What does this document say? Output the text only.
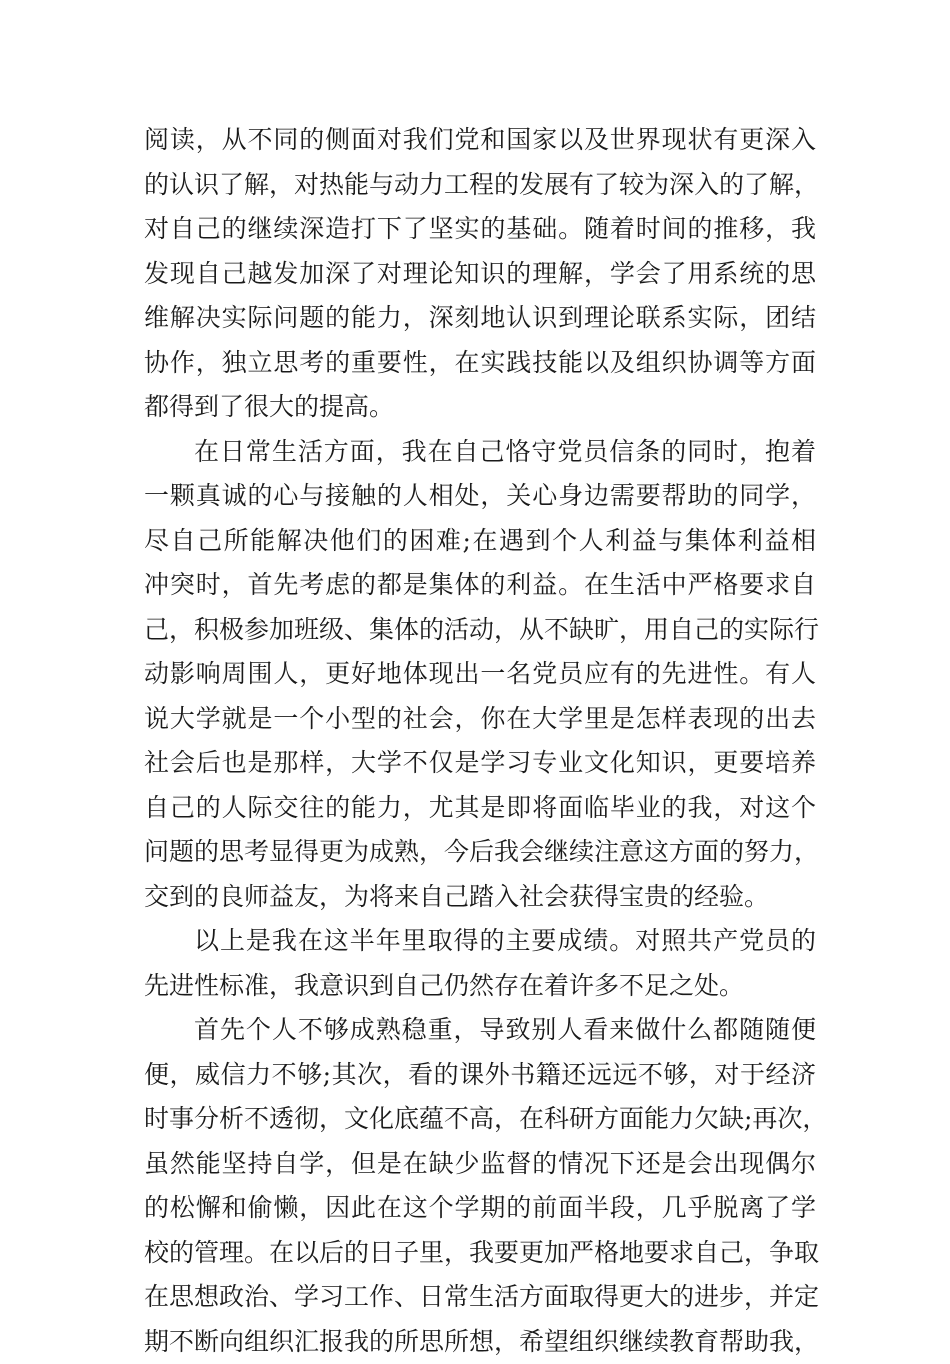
阅读，从不同的侧面对我们党和国家以及世界现状有更深入
的认识了解，对热能与动力工程的发展有了较为深入的了解，
对自己的继续深造打下了坚实的基础。随着时间的推移，我
发现自己越发加深了对理论知识的理解，学会了用系统的思
维解决实际问题的能力，深刻地认识到理论联系实际，团结
协作，独立思考的重要性，在实践技能以及组织协调等方面
都得到了很大的提高。
在日常生活方面，我在自己恪守党员信条的同时，抱着
一颗真诚的心与接触的人相处，关心身边需要帮助的同学，
尽自己所能解决他们的困难;在遇到个人利益与集体利益相
冲突时，首先考虑的都是集体的利益。在生活中严格要求自
己，积极参加班级、集体的活动，从不缺旷，用自己的实际行
动影响周围人，更好地体现出一名党员应有的先进性。有人
说大学就是一个小型的社会，你在大学里是怎样表现的出去
社会后也是那样，大学不仅是学习专业文化知识，更要培养
自己的人际交往的能力，尤其是即将面临毕业的我，对这个
问题的思考显得更为成熟，今后我会继续注意这方面的努力，
交到的良师益友，为将来自己踏入社会获得宝贵的经验。
以上是我在这半年里取得的主要成绩。对照共产党员的
先进性标准，我意识到自己仍然存在着许多不足之处。
首先个人不够成熟稳重，导致别人看来做什么都随随便
便，威信力不够;其次，看的课外书籍还远远不够，对于经济
时事分析不透彻，文化底蕴不高，在科研方面能力欠缺;再次，
虽然能坚持自学，但是在缺少监督的情况下还是会出现偶尔
的松懈和偷懒，因此在这个学期的前面半段，几乎脱离了学
校的管理。在以后的日子里，我要更加严格地要求自己，争取
在思想政治、学习工作、日常生活方面取得更大的进步，并定
期不断向组织汇报我的所思所想，希望组织继续教育帮助我，
